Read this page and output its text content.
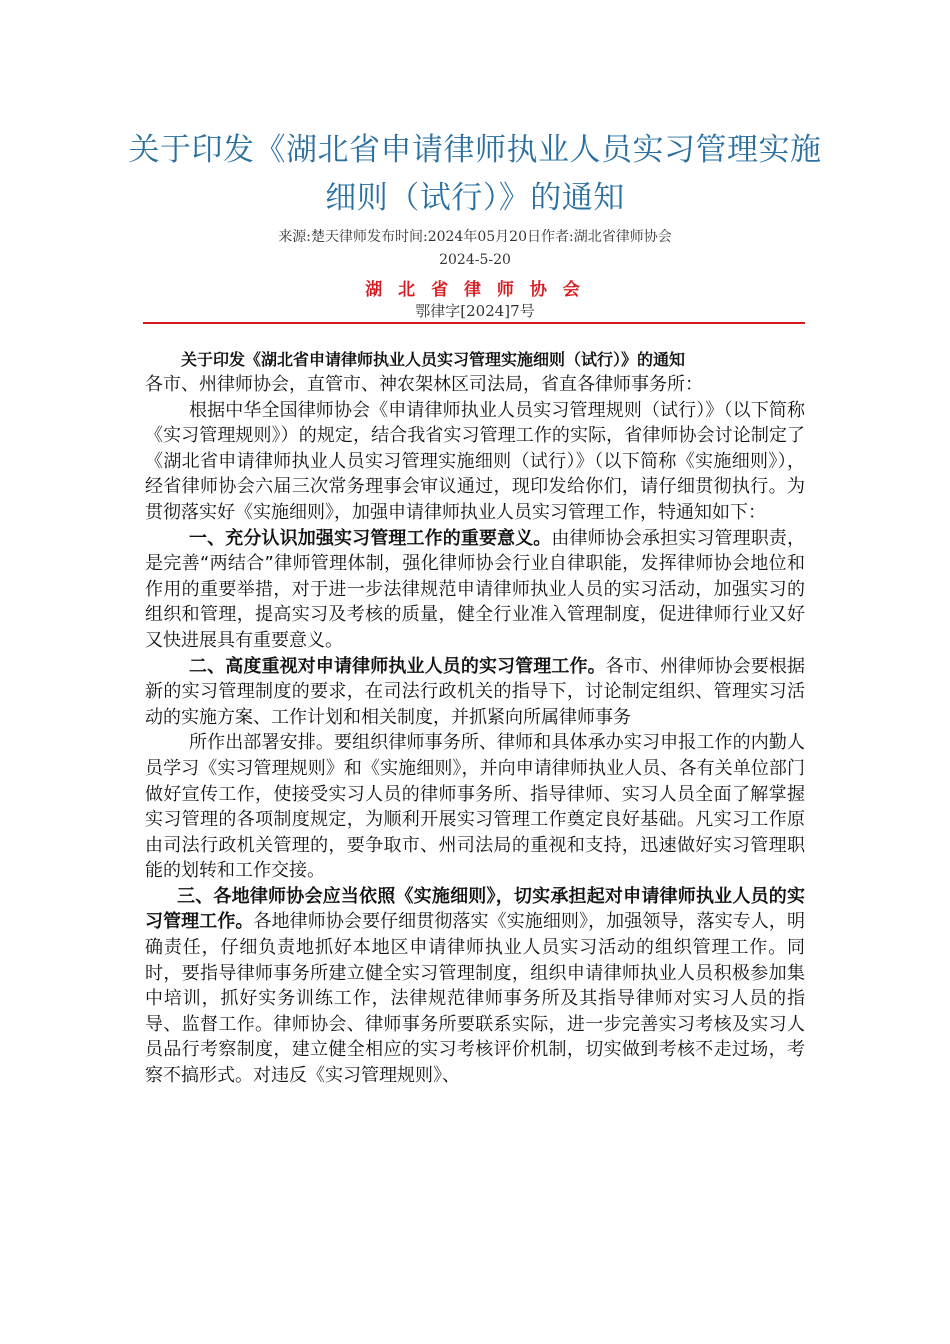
关于印发《湖北省申请律师执业人员实习管理实施细则（试行）》的通知
来源:楚天律师发布时间:2024年05月20日作者:湖北省律师协会
2024-5-20
湖 北 省 律 师 协 会
鄂律字[2024]7号

关于印发《湖北省申请律师执业人员实习管理实施细则（试行）》的通知

各市、州律师协会，直管市、神农架林区司法局，省直各律师事务所：

根据中华全国律师协会《申请律师执业人员实习管理规则（试行）》（以下简称《实习管理规则》）的规定，结合我省实习管理工作的实际，省律师协会讨论制定了《湖北省申请律师执业人员实习管理实施细则（试行）》（以下简称《实施细则》），经省律师协会六届三次常务理事会审议通过，现印发给你们，请仔细贯彻执行。为贯彻落实好《实施细则》，加强申请律师执业人员实习管理工作，特通知如下：

一、充分认识加强实习管理工作的重要意义。由律师协会承担实习管理职责，是完善“两结合”律师管理体制，强化律师协会行业自律职能，发挥律师协会地位和作用的重要举措，对于进一步法律规范申请律师执业人员的实习活动，加强实习的组织和管理，提高实习及考核的质量，健全行业准入管理制度，促进律师行业又好又快进展具有重要意义。

二、高度重视对申请律师执业人员的实习管理工作。各市、州律师协会要根据新的实习管理制度的要求，在司法行政机关的指导下，讨论制定组织、管理实习活动的实施方案、工作计划和相关制度，并抓紧向所属律师事务

所作出部署安排。要组织律师事务所、律师和具体承办实习申报工作的内勤人员学习《实习管理规则》和《实施细则》，并向申请律师执业人员、各有关单位部门做好宣传工作，使接受实习人员的律师事务所、指导律师、实习人员全面了解掌握实习管理的各项制度规定，为顺利开展实习管理工作奠定良好基础。凡实习工作原由司法行政机关管理的，要争取市、州司法局的重视和支持，迅速做好实习管理职能的划转和工作交接。

三、各地律师协会应当依照《实施细则》，切实承担起对申请律师执业人员的实习管理工作。各地律师协会要仔细贯彻落实《实施细则》，加强领导，落实专人，明确责任，仔细负责地抓好本地区申请律师执业人员实习活动的组织管理工作。同时，要指导律师事务所建立健全实习管理制度，组织申请律师执业人员积极参加集中培训，抓好实务训练工作，法律规范律师事务所及其指导律师对实习人员的指导、监督工作。律师协会、律师事务所要联系实际，进一步完善实习考核及实习人员品行考察制度，建立健全相应的实习考核评价机制，切实做到考核不走过场，考察不搞形式。对违反《实习管理规则》、
